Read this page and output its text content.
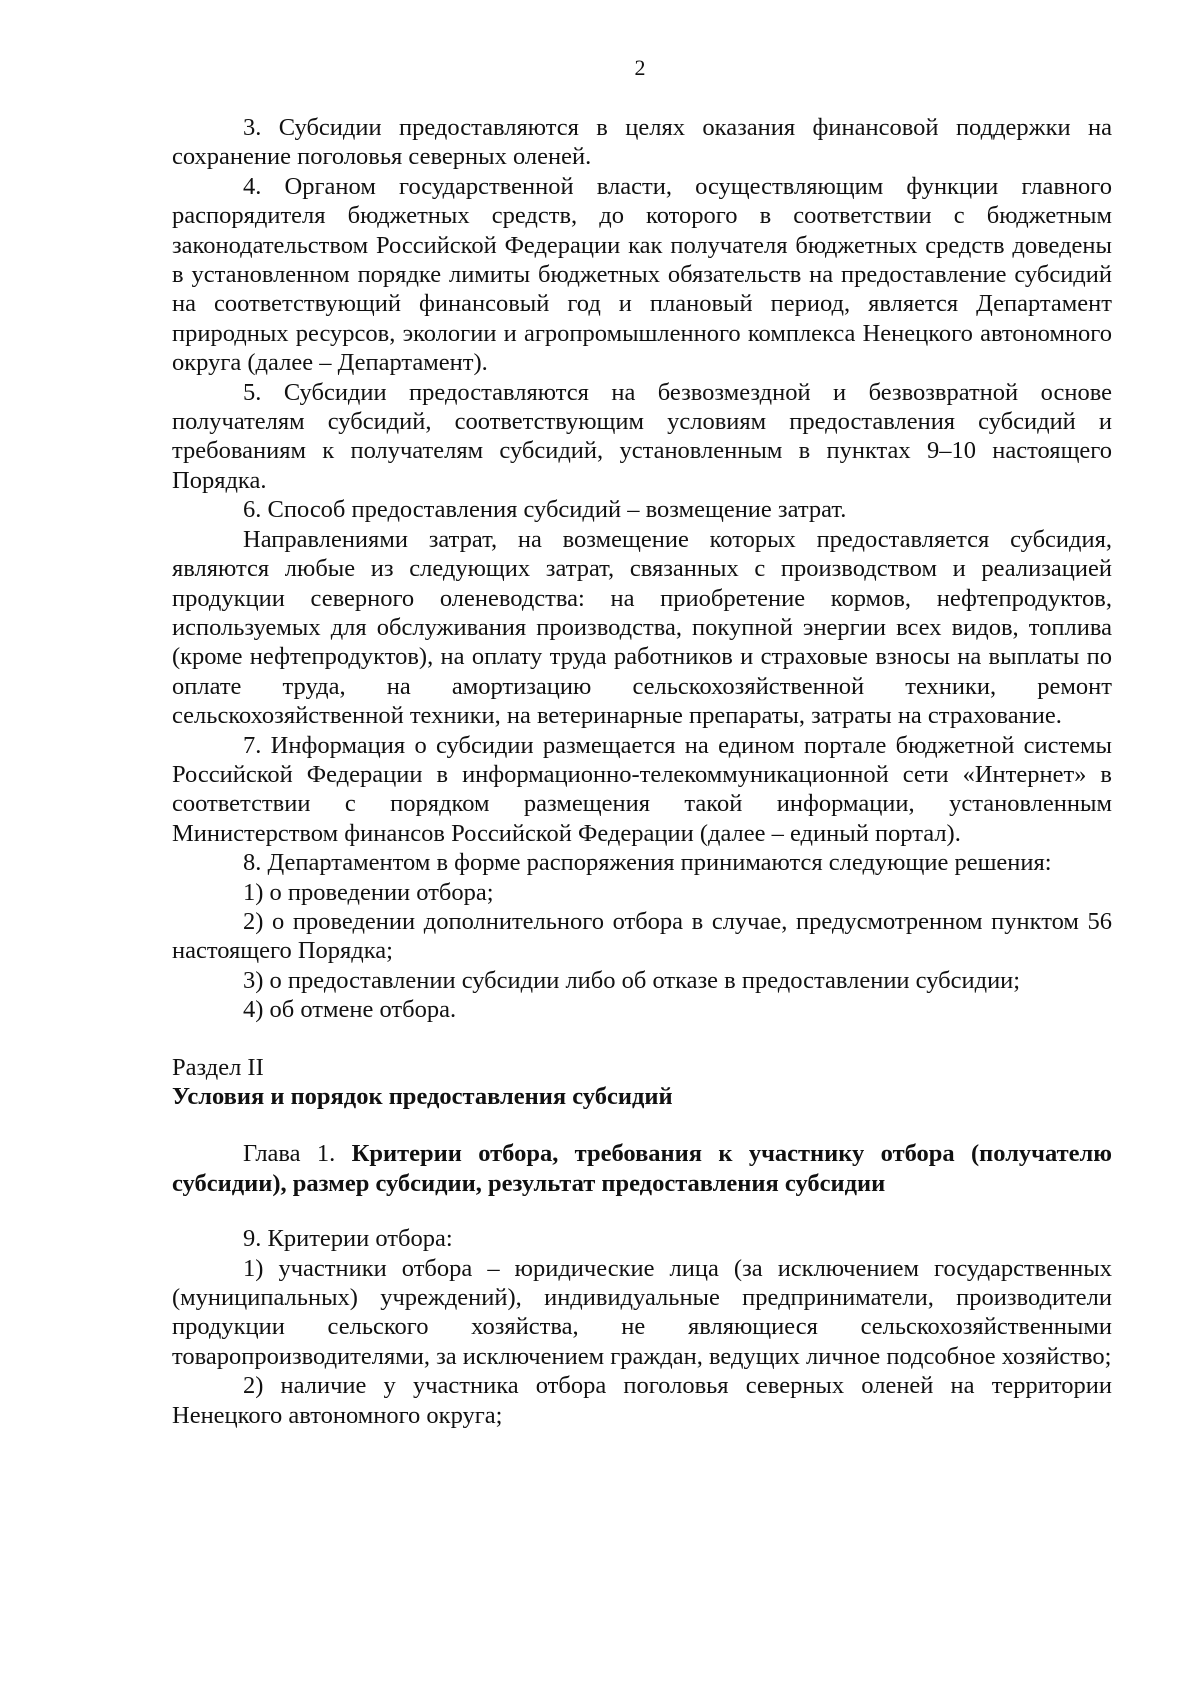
2

3. Субсидии предоставляются в целях оказания финансовой поддержки на сохранение поголовья северных оленей.

4. Органом государственной власти, осуществляющим функции главного распорядителя бюджетных средств, до которого в соответствии с бюджетным законодательством Российской Федерации как получателя бюджетных средств доведены в установленном порядке лимиты бюджетных обязательств на предоставление субсидий на соответствующий финансовый год и плановый период, является Департамент природных ресурсов, экологии и агропромышленного комплекса Ненецкого автономного округа (далее – Департамент).

5. Субсидии предоставляются на безвозмездной и безвозвратной основе получателям субсидий, соответствующим условиям предоставления субсидий и требованиям к получателям субсидий, установленным в пунктах 9–10 настоящего Порядка.

6. Способ предоставления субсидий – возмещение затрат.

Направлениями затрат, на возмещение которых предоставляется субсидия, являются любые из следующих затрат, связанных с производством и реализацией продукции северного оленеводства: на приобретение кормов, нефтепродуктов, используемых для обслуживания производства, покупной энергии всех видов, топлива (кроме нефтепродуктов), на оплату труда работников и страховые взносы на выплаты по оплате труда, на амортизацию сельскохозяйственной техники, ремонт сельскохозяйственной техники, на ветеринарные препараты, затраты на страхование.

7. Информация о субсидии размещается на едином портале бюджетной системы Российской Федерации в информационно-телекоммуникационной сети «Интернет» в соответствии с порядком размещения такой информации, установленным Министерством финансов Российской Федерации (далее – единый портал).

8. Департаментом в форме распоряжения принимаются следующие решения:

1) о проведении отбора;

2) о проведении дополнительного отбора в случае, предусмотренном пунктом 56 настоящего Порядка;

3) о предоставлении субсидии либо об отказе в предоставлении субсидии;

4) об отмене отбора.

Раздел II

Условия и порядок предоставления субсидий

Глава 1. Критерии отбора, требования к участнику отбора (получателю субсидии), размер субсидии, результат предоставления субсидии

9. Критерии отбора:

1) участники отбора – юридические лица (за исключением государственных (муниципальных) учреждений), индивидуальные предприниматели, производители продукции сельского хозяйства, не являющиеся сельскохозяйственными товаропроизводителями, за исключением граждан, ведущих личное подсобное хозяйство;

2) наличие у участника отбора поголовья северных оленей на территории Ненецкого автономного округа;
